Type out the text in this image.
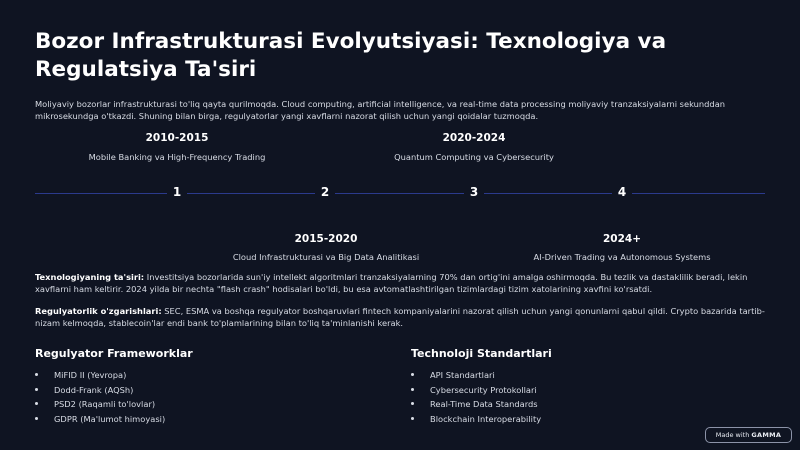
Bozor Infrastrukturasi Evolyutsiyasi: Texnologiya va Regulatsiya Ta'siri
Moliyaviy bozorlar infrastrukturasi to'liq qayta qurilmoqda. Cloud computing, artificial intelligence, va real-time data processing moliyaviy tranzaksiyalarni sekunddan mikrosekundga o'tkazdi. Shuning bilan birga, regulyatorlar yangi xavflarni nazorat qilish uchun yangi qoidalar tuzmoqda.
2010-2015
Mobile Banking va High-Frequency Trading
2020-2024
Quantum Computing va Cybersecurity
1	2	3	4
2015-2020
Cloud Infrastrukturasi va Big Data Analitikasi
2024+
AI-Driven Trading va Autonomous Systems
Texnologiyaning ta'siri: Investitsiya bozorlarida sun'iy intellekt algoritmlari tranzaksiyalarning 70% dan ortig'ini amalga oshirmoqda. Bu tezlik va dastaklilik beradi, lekin xavflarni ham keltirir. 2024 yilda bir nechta "flash crash" hodisalari bo'ldi, bu esa avtomatlashtirilgan tizimlardagi tizim xatolarining xavfini ko'rsatdi.
Regulyatorlik o'zgarishlari: SEC, ESMA va boshqa regulyator boshqaruvlari fintech kompaniyalarini nazorat qilish uchun yangi qonunlarni qabul qildi. Crypto bazarida tartib-nizam kelmoqda, stablecoin'lar endi bank to'plamlarining bilan to'liq ta'minlanishi kerak.
Regulyator Frameworklar
MiFID II (Yevropa)
Dodd-Frank (AQSh)
PSD2 (Raqamli to'lovlar)
GDPR (Ma'lumot himoyasi)
Technoloji Standartlari
API Standartlari
Cybersecurity Protokollari
Real-Time Data Standards
Blockchain Interoperability
Made with GAMMA
